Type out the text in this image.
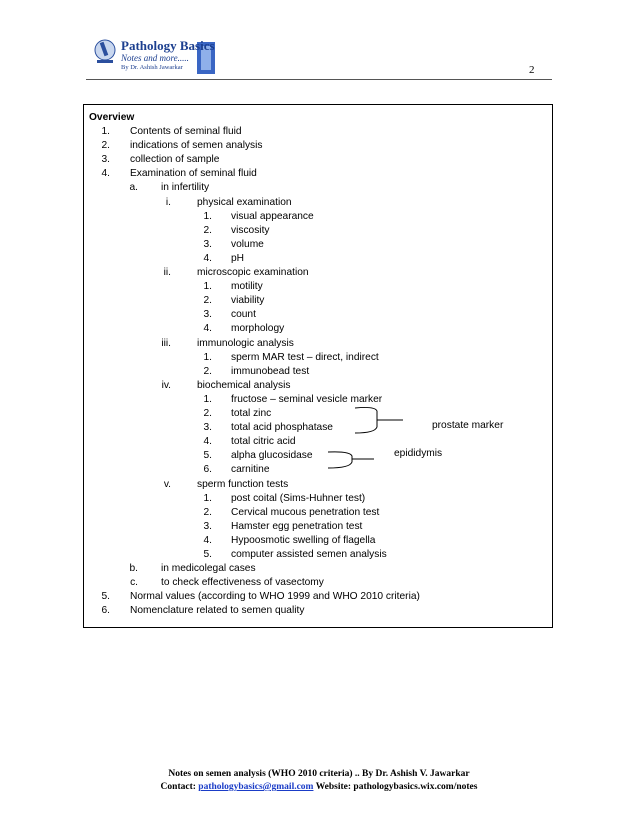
Pathology Basics
Notes and more.....
By Dr. Ashish Jawarkar	2
Overview
1. Contents of seminal fluid
2. indications of semen analysis
3. collection of sample
4. Examination of seminal fluid
a. in infertility
i.	physical examination
1. visual appearance
2. viscosity
3. volume
4. pH
ii.	microscopic examination
1. motility
2. viability
3. count
4. morphology
iii.	immunologic analysis
1. sperm MAR test – direct, indirect
2. immunobead test
iv.	biochemical analysis
1. fructose – seminal vesicle marker
2. total zinc
3. total acid phosphatase
4. total citric acid
5. alpha glucosidase
6. carnitine
v.	sperm function tests
1. post coital (Sims-Huhner test)
2. Cervical mucous penetration test
3. Hamster egg penetration test
4. Hypoosmotic swelling of flagella
5. computer assisted semen analysis
b. in medicolegal cases
c. to check effectiveness of vasectomy
5. Normal values (according to WHO 1999 and WHO 2010 criteria)
6. Nomenclature related to semen quality
prostate marker
epididymis
Notes on semen analysis (WHO 2010 criteria) .. By Dr. Ashish V. Jawarkar
Contact: pathologybasics@gmail.com Website: pathologybasics.wix.com/notes
